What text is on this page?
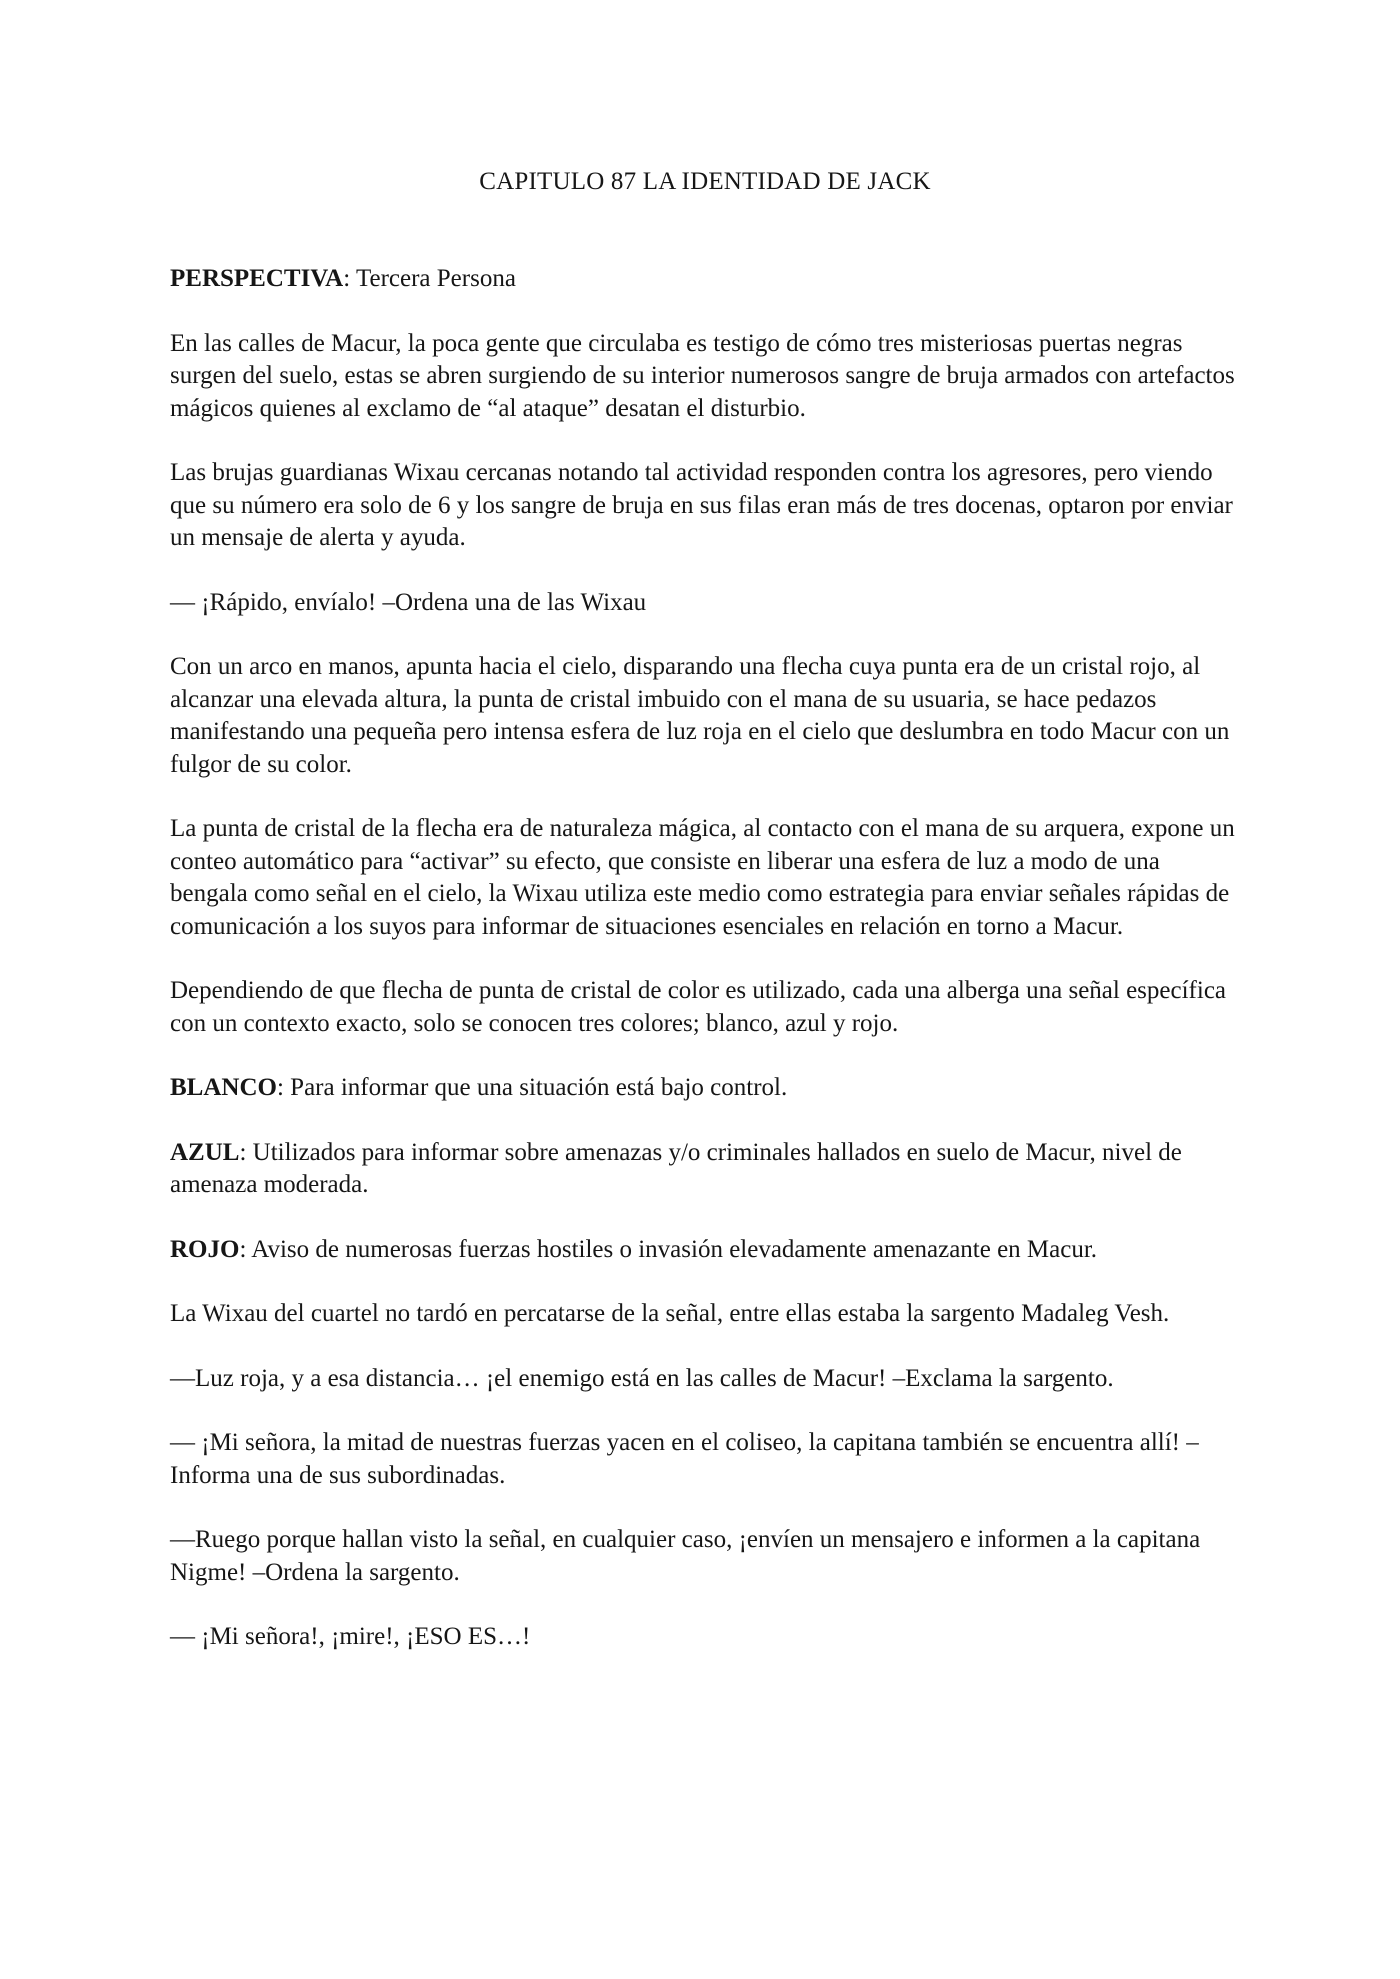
CAPITULO 87 LA IDENTIDAD DE JACK

PERSPECTIVA: Tercera Persona

En las calles de Macur, la poca gente que circulaba es testigo de cómo tres misteriosas puertas negras surgen del suelo, estas se abren surgiendo de su interior numerosos sangre de bruja armados con artefactos mágicos quienes al exclamo de “al ataque” desatan el disturbio.

Las brujas guardianas Wixau cercanas notando tal actividad responden contra los agresores, pero viendo que su número era solo de 6 y los sangre de bruja en sus filas eran más de tres docenas, optaron por enviar un mensaje de alerta y ayuda.

— ¡Rápido, envíalo! –Ordena una de las Wixau

Con un arco en manos, apunta hacia el cielo, disparando una flecha cuya punta era de un cristal rojo, al alcanzar una elevada altura, la punta de cristal imbuido con el mana de su usuaria, se hace pedazos manifestando una pequeña pero intensa esfera de luz roja en el cielo que deslumbra en todo Macur con un fulgor de su color.

La punta de cristal de la flecha era de naturaleza mágica, al contacto con el mana de su arquera, expone un conteo automático para “activar” su efecto, que consiste en liberar una esfera de luz a modo de una bengala como señal en el cielo, la Wixau utiliza este medio como estrategia para enviar señales rápidas de comunicación a los suyos para informar de situaciones esenciales en relación en torno a Macur.

Dependiendo de que flecha de punta de cristal de color es utilizado, cada una alberga una señal específica con un contexto exacto, solo se conocen tres colores; blanco, azul y rojo.

BLANCO: Para informar que una situación está bajo control.

AZUL: Utilizados para informar sobre amenazas y/o criminales hallados en suelo de Macur, nivel de amenaza moderada.

ROJO: Aviso de numerosas fuerzas hostiles o invasión elevadamente amenazante en Macur.

La Wixau del cuartel no tardó en percatarse de la señal, entre ellas estaba la sargento Madaleg Vesh.

—Luz roja, y a esa distancia… ¡el enemigo está en las calles de Macur! –Exclama la sargento.

— ¡Mi señora, la mitad de nuestras fuerzas yacen en el coliseo, la capitana también se encuentra allí! –Informa una de sus subordinadas.

—Ruego porque hallan visto la señal, en cualquier caso, ¡envíen un mensajero e informen a la capitana Nigme! –Ordena la sargento.

— ¡Mi señora!, ¡mire!, ¡ESO ES…!
